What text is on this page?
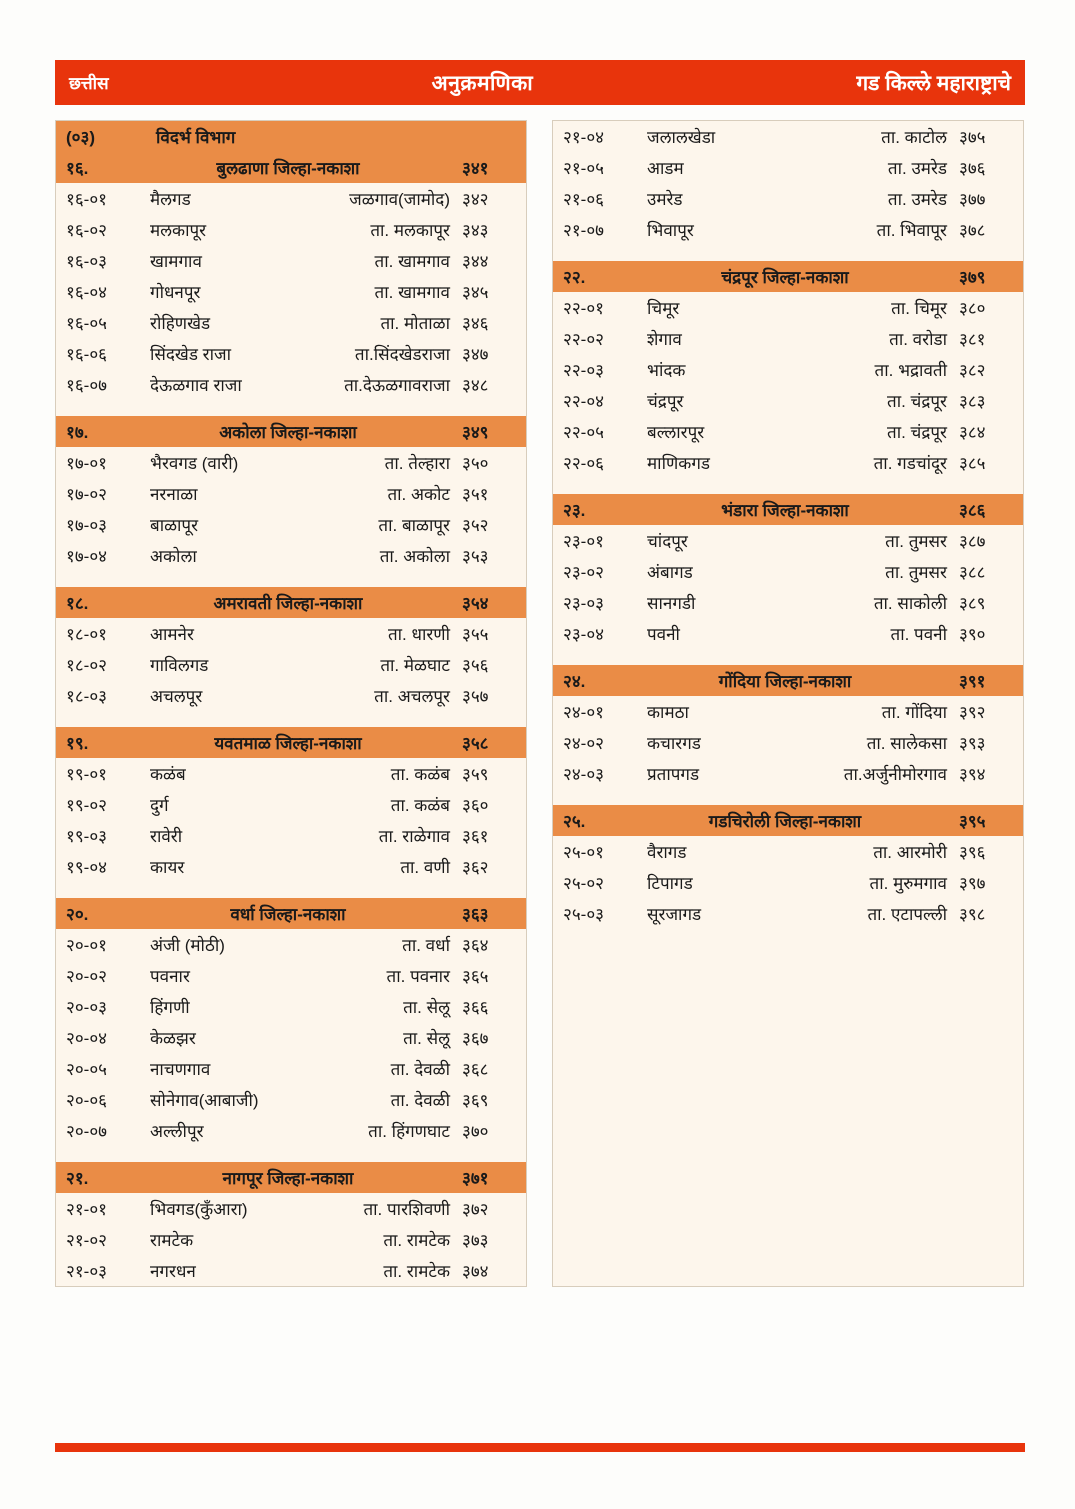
छत्तीस	अनुक्रमणिका	गड किल्ले महाराष्ट्राचे
(०३)	विदर्भ विभाग
१६.	बुलढाणा जिल्हा-नकाशा	३४१
१६-०१	मैलगड	जळगाव(जामोद) ३४२
१६-०२	मलकापूर	ता. मलकापूर ३४३
१६-०३	खामगाव	ता. खामगाव ३४४
१६-०४	गोधनपूर	ता. खामगाव ३४५
१६-०५	रोहिणखेड	ता. मोताळा ३४६
१६-०६	सिंदखेड राजा	ता.सिंदखेडराजा ३४७
१६-०७	देऊळगाव राजा	ता.देऊळगावराजा ३४८
१७.	अकोला जिल्हा-नकाशा	३४९
१७-०१	भैरवगड (वारी)	ता. तेल्हारा ३५०
१७-०२	नरनाळा	ता. अकोट ३५१
१७-०३	बाळापूर	ता. बाळापूर ३५२
१७-०४	अकोला	ता. अकोला ३५३
१८.	अमरावती जिल्हा-नकाशा	३५४
१८-०१	आमनेर	ता. धारणी ३५५
१८-०२	गाविलगड	ता. मेळघाट ३५६
१८-०३	अचलपूर	ता. अचलपूर ३५७
१९.	यवतमाळ जिल्हा-नकाशा	३५८
१९-०१	कळंब	ता. कळंब ३५९
१९-०२	दुर्ग	ता. कळंब ३६०
१९-०३	रावेरी	ता. राळेगाव ३६१
१९-०४	कायर	ता. वणी ३६२
२०.	वर्धा जिल्हा-नकाशा	३६३
२०-०१	अंजी (मोठी)	ता. वर्धा ३६४
२०-०२	पवनार	ता. पवनार ३६५
२०-०३	हिंगणी	ता. सेलू ३६६
२०-०४	केळझर	ता. सेलू ३६७
२०-०५	नाचणगाव	ता. देवळी ३६८
२०-०६	सोनेगाव(आबाजी)	ता. देवळी ३६९
२०-०७	अल्लीपूर	ता. हिंगणघाट ३७०
२१.	नागपूर जिल्हा-नकाशा	३७१
२१-०१	भिवगड(कुँआरा)	ता. पारशिवणी ३७२
२१-०२	रामटेक	ता. रामटेक ३७३
२१-०३	नगरधन	ता. रामटेक ३७४
२१-०४	जलालखेडा	ता. काटोल ३७५
२१-०५	आडम	ता. उमरेड ३७६
२१-०६	उमरेड	ता. उमरेड ३७७
२१-०७	भिवापूर	ता. भिवापूर ३७८
२२.	चंद्रपूर जिल्हा-नकाशा	३७९
२२-०१	चिमूर	ता. चिमूर ३८०
२२-०२	शेगाव	ता. वरोडा ३८१
२२-०३	भांदक	ता. भद्रावती ३८२
२२-०४	चंद्रपूर	ता. चंद्रपूर ३८३
२२-०५	बल्लारपूर	ता. चंद्रपूर ३८४
२२-०६	माणिकगड	ता. गडचांदूर ३८५
२३.	भंडारा जिल्हा-नकाशा	३८६
२३-०१	चांदपूर	ता. तुमसर ३८७
२३-०२	अंबागड	ता. तुमसर ३८८
२३-०३	सानगडी	ता. साकोली ३८९
२३-०४	पवनी	ता. पवनी ३९०
२४.	गोंदिया जिल्हा-नकाशा	३९१
२४-०१	कामठा	ता. गोंदिया ३९२
२४-०२	कचारगड	ता. सालेकसा ३९३
२४-०३	प्रतापगड	ता.अर्जुनीमोरगाव ३९४
२५.	गडचिरोली जिल्हा-नकाशा	३९५
२५-०१	वैरागड	ता. आरमोरी ३९६
२५-०२	टिपागड	ता. मुरुमगाव ३९७
२५-०३	सूरजागड	ता. एटापल्ली ३९८
